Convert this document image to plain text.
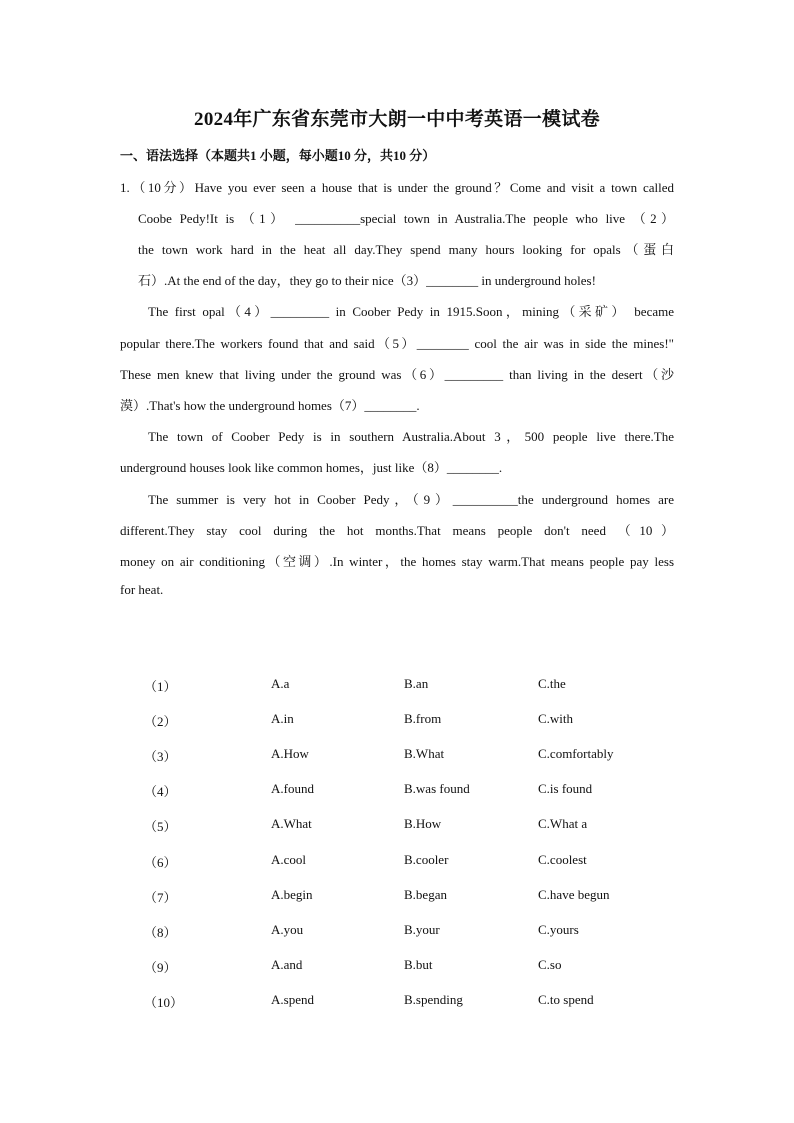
2024年广东省东莞市大朗一中中考英语一模试卷
一、语法选择（本题共1 小题，每小题10 分，共10 分）
1.（10分）Have you ever seen a house that is under the ground？Come and visit a town called
Coobe Pedy!It is （1） __________special town in Australia.The people who live （2）
the town work hard in the heat all day.They spend many hours looking for opals（蛋白
石）.At the end of the day，they go to their nice（3）________ in underground holes!
The first opal（4）_________ in Coober Pedy in 1915.Soon，mining（采矿） became
popular there.The workers found that and said（5）________ cool the air was in side the mines!"
These men knew that living under the ground was（6）_________ than living in the desert（沙
漠）.That's how the underground homes（7）________.
The town of Coober Pedy is in southern Australia.About 3，500 people live there.The
underground houses look like common homes，just like（8）________.
The summer is very hot in Coober Pedy，（9）__________the underground homes are
different.They stay cool during the hot months.That means people don't need （10）
money on air conditioning（空调）.In winter，the homes stay warm.That means people pay less
for heat.
（1）	A.a	B.an	C.the
（2）	A.in	B.from	C.with
（3）	A.How	B.What	C.comfortably
（4）	A.found	B.was found	C.is found
（5）	A.What	B.How	C.What a
（6）	A.cool	B.cooler	C.coolest
（7）	A.begin	B.began	C.have begun
（8）	A.you	B.your	C.yours
（9）	A.and	B.but	C.so
（10）	A.spend	B.spending	C.to spend
